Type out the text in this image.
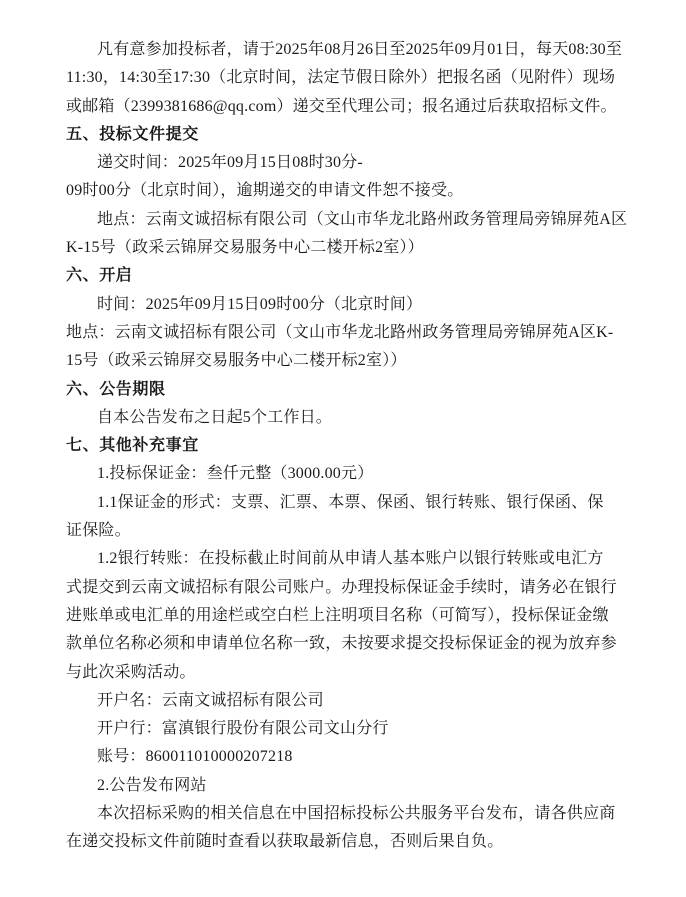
凡有意参加投标者，请于2025年08月26日至2025年09月01日，每天08:30至
11:30，14:30至17:30（北京时间，法定节假日除外）把报名函（见附件）现场
或邮箱（2399381686@qq.com）递交至代理公司；报名通过后获取招标文件。
五、投标文件提交
递交时间：2025年09月15日08时30分-
09时00分（北京时间），逾期递交的申请文件恕不接受。
地点：云南文诚招标有限公司（文山市华龙北路州政务管理局旁锦屏苑A区
K-15号（政采云锦屏交易服务中心二楼开标2室））
六、开启
时间：2025年09月15日09时00分（北京时间）
地点：云南文诚招标有限公司（文山市华龙北路州政务管理局旁锦屏苑A区K-
15号（政采云锦屏交易服务中心二楼开标2室））
六、公告期限
自本公告发布之日起5个工作日。
七、其他补充事宜
1.投标保证金：叁仟元整（3000.00元）
1.1保证金的形式：支票、汇票、本票、保函、银行转账、银行保函、保
证保险。
1.2银行转账：在投标截止时间前从申请人基本账户以银行转账或电汇方
式提交到云南文诚招标有限公司账户。办理投标保证金手续时，请务必在银行
进账单或电汇单的用途栏或空白栏上注明项目名称（可简写），投标保证金缴
款单位名称必须和申请单位名称一致，未按要求提交投标保证金的视为放弃参
与此次采购活动。
开户名：云南文诚招标有限公司
开户行：富滇银行股份有限公司文山分行
账号：860011010000207218
2.公告发布网站
本次招标采购的相关信息在中国招标投标公共服务平台发布，请各供应商
在递交投标文件前随时查看以获取最新信息，否则后果自负。
